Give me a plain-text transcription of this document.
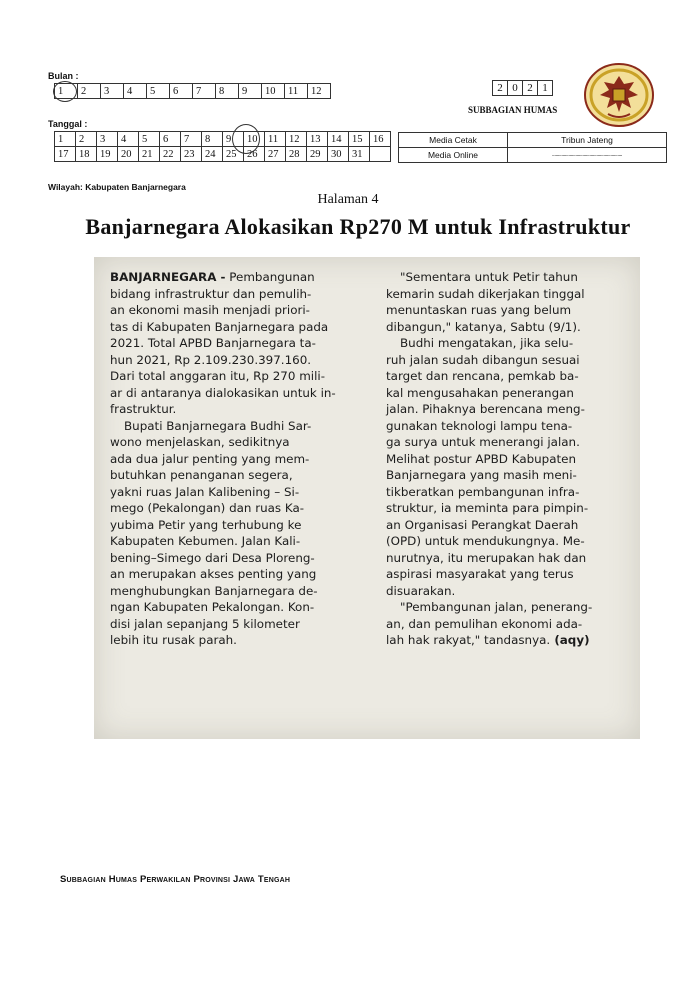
Bulan :
1	2	3	4	5	6	7	8	9	10	11	12
Tanggal :
1	2	3	4	5	6	7	8	9	10	11	12	13	14	15	16
17	18	19	20	21	22	23	24	25	26	27	28	29	30	31	
2	0	2	1
SUBBAGIAN HUMAS
Media Cetak	Tribun Jateng
Media Online	............................................................
Wilayah: Kabupaten Banjarnegara
Halaman 4
Banjarnegara Alokasikan Rp270 M untuk Infrastruktur

BANJARNEGARA - Pembangunan

bidang infrastruktur dan pemulih-

an ekonomi masih menjadi priori-

tas di Kabupaten Banjarnegara pada

2021. Total APBD Banjarnegara ta-

hun 2021, Rp 2.109.230.397.160.

Dari total anggaran itu, Rp 270 mili-

ar di antaranya dialokasikan untuk in-

frastruktur.

Bupati Banjarnegara Budhi Sar-

wono menjelaskan, sedikitnya

ada dua jalur penting yang mem-

butuhkan penanganan segera,

yakni ruas Jalan Kalibening – Si-

megо (Pekalongan) dan ruas Ka-

yubima Petir yang terhubung ke

Kabupaten Kebumen. Jalan Kali-

bening–Simego dari Desa Ploreng-

an merupakan akses penting yang

menghubungkan Banjarnegara de-

ngan Kabupaten Pekalongan. Kon-

disi jalan sepanjang 5 kilometer

lebih itu rusak parah.

"Sementara untuk Petir tahun

kemarin sudah dikerjakan tinggal

menuntaskan ruas yang belum

dibangun," katanya, Sabtu (9/1).

Budhi mengatakan, jika selu-

ruh jalan sudah dibangun sesuai

target dan rencana, pemkab ba-

kal mengusahakan penerangan

jalan. Pihaknya berencana meng-

gunakan teknologi lampu tena-

ga surya untuk menerangi jalan.

Melihat postur APBD Kabupaten

Banjarnegara yang masih meni-

tikberatkan pembangunan infra-

struktur, ia meminta para pimpin-

an Organisasi Perangkat Daerah

(OPD) untuk mendukungnya. Me-

nurutnya, itu merupakan hak dan

aspirasi masyarakat yang terus

disuarakan.

"Pembangunan jalan, penerang-

an, dan pemulihan ekonomi ada-

lah hak rakyat," tandasnya. (aqy)

Subbagian Humas Perwakilan Provinsi Jawa Tengah
